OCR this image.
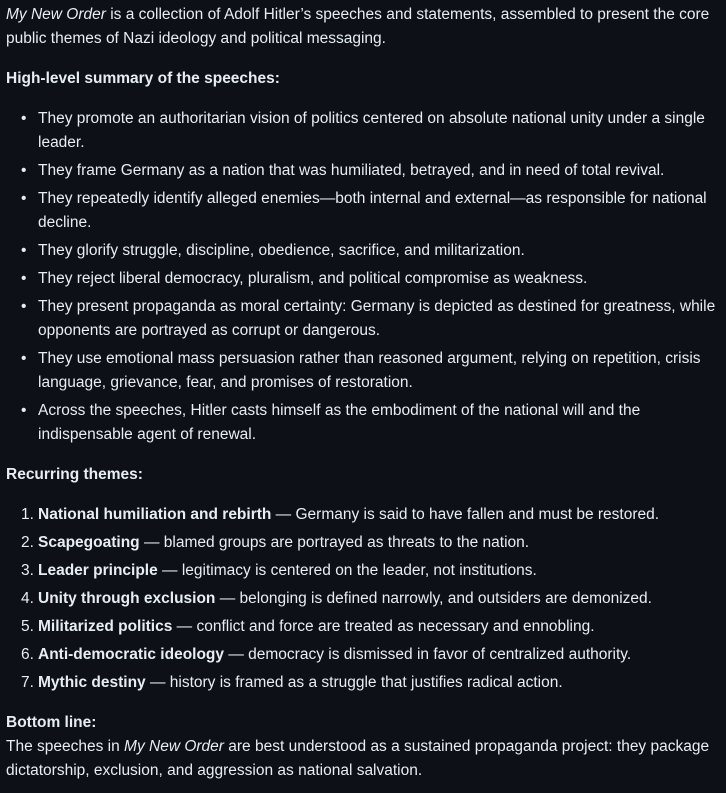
My New Order is a collection of Adolf Hitler’s speeches and statements, assembled to present the core public themes of Nazi ideology and political messaging.

High-level summary of the speeches:

• They promote an authoritarian vision of politics centered on absolute national unity under a single leader.
• They frame Germany as a nation that was humiliated, betrayed, and in need of total revival.
• They repeatedly identify alleged enemies—both internal and external—as responsible for national decline.
• They glorify struggle, discipline, obedience, sacrifice, and militarization.
• They reject liberal democracy, pluralism, and political compromise as weakness.
• They present propaganda as moral certainty: Germany is depicted as destined for greatness, while opponents are portrayed as corrupt or dangerous.
• They use emotional mass persuasion rather than reasoned argument, relying on repetition, crisis language, grievance, fear, and promises of restoration.
• Across the speeches, Hitler casts himself as the embodiment of the national will and the indispensable agent of renewal.

Recurring themes:

1. National humiliation and rebirth — Germany is said to have fallen and must be restored.
2. Scapegoating — blamed groups are portrayed as threats to the nation.
3. Leader principle — legitimacy is centered on the leader, not institutions.
4. Unity through exclusion — belonging is defined narrowly, and outsiders are demonized.
5. Militarized politics — conflict and force are treated as necessary and ennobling.
6. Anti-democratic ideology — democracy is dismissed in favor of centralized authority.
7. Mythic destiny — history is framed as a struggle that justifies radical action.

Bottom line:

The speeches in My New Order are best understood as a sustained propaganda project: they package dictatorship, exclusion, and aggression as national salvation.
